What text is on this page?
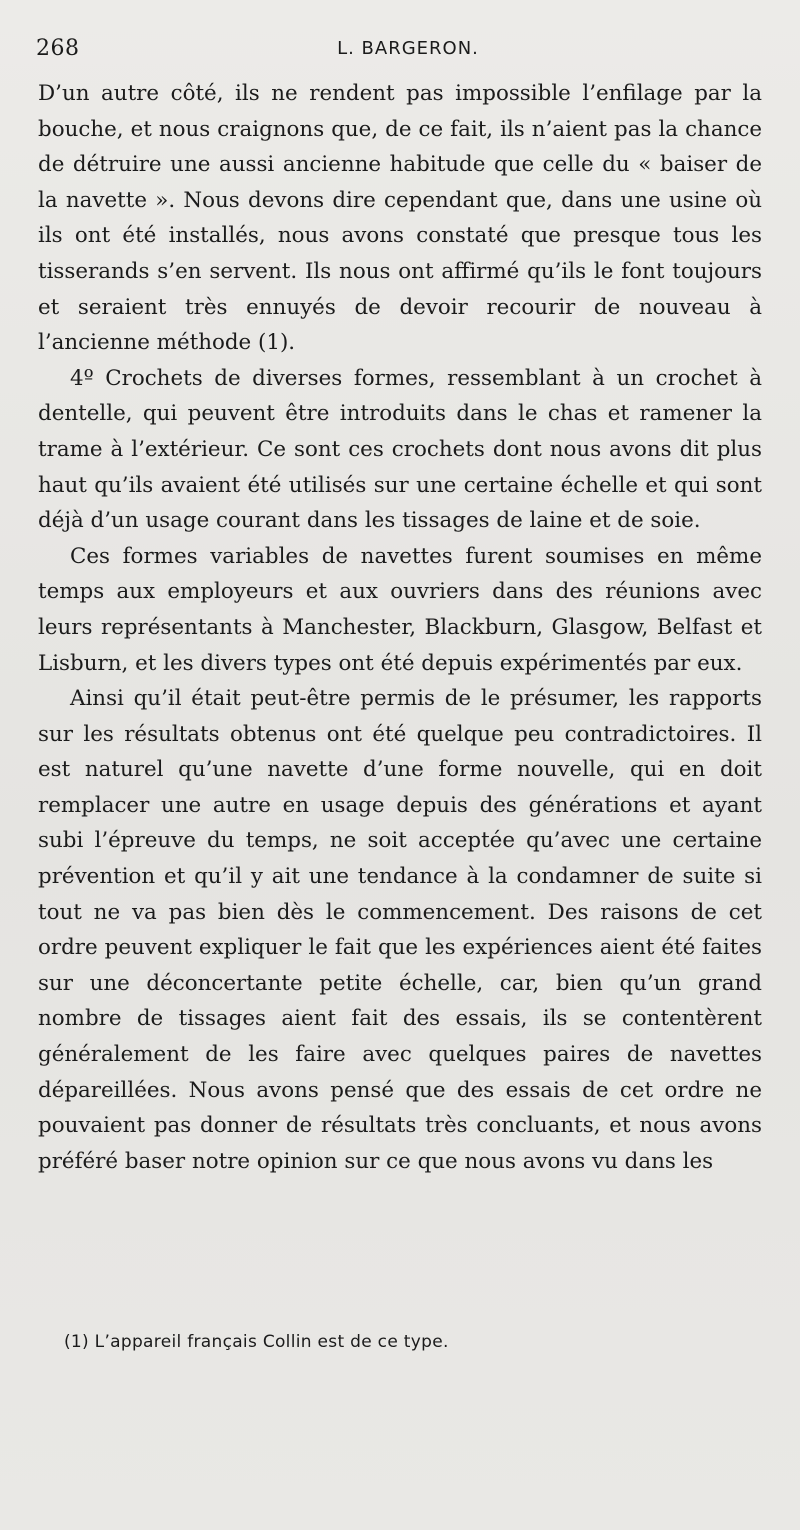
268	L. BARGERON.

D’un autre côté, ils ne rendent pas impossible l’enfilage par la bouche, et nous craignons que, de ce fait, ils n’aient pas la chance de détruire une aussi ancienne habitude que celle du « baiser de la navette ». Nous devons dire cependant que, dans une usine où ils ont été installés, nous avons constaté que presque tous les tisserands s’en servent. Ils nous ont affirmé qu’ils le font toujours et seraient très ennuyés de devoir recourir de nouveau à l’ancienne méthode (1).

4º Crochets de diverses formes, ressemblant à un crochet à dentelle, qui peuvent être introduits dans le chas et ramener la trame à l’extérieur. Ce sont ces crochets dont nous avons dit plus haut qu’ils avaient été utilisés sur une certaine échelle et qui sont déjà d’un usage courant dans les tissages de laine et de soie.

Ces formes variables de navettes furent soumises en même temps aux employeurs et aux ouvriers dans des réunions avec leurs représentants à Manchester, Blackburn, Glasgow, Belfast et Lisburn, et les divers types ont été depuis expérimentés par eux.

Ainsi qu’il était peut-être permis de le présumer, les rapports sur les résultats obtenus ont été quelque peu contradictoires. Il est naturel qu’une navette d’une forme nouvelle, qui en doit remplacer une autre en usage depuis des générations et ayant subi l’épreuve du temps, ne soit acceptée qu’avec une certaine prévention et qu’il y ait une tendance à la condamner de suite si tout ne va pas bien dès le commencement. Des raisons de cet ordre peuvent expliquer le fait que les expériences aient été faites sur une déconcertante petite échelle, car, bien qu’un grand nombre de tissages aient fait des essais, ils se contentèrent généralement de les faire avec quelques paires de navettes dépareillées. Nous avons pensé que des essais de cet ordre ne pouvaient pas donner de résultats très concluants, et nous avons préféré baser notre opinion sur ce que nous avons vu dans les

(1) L’appareil français Collin est de ce type.
